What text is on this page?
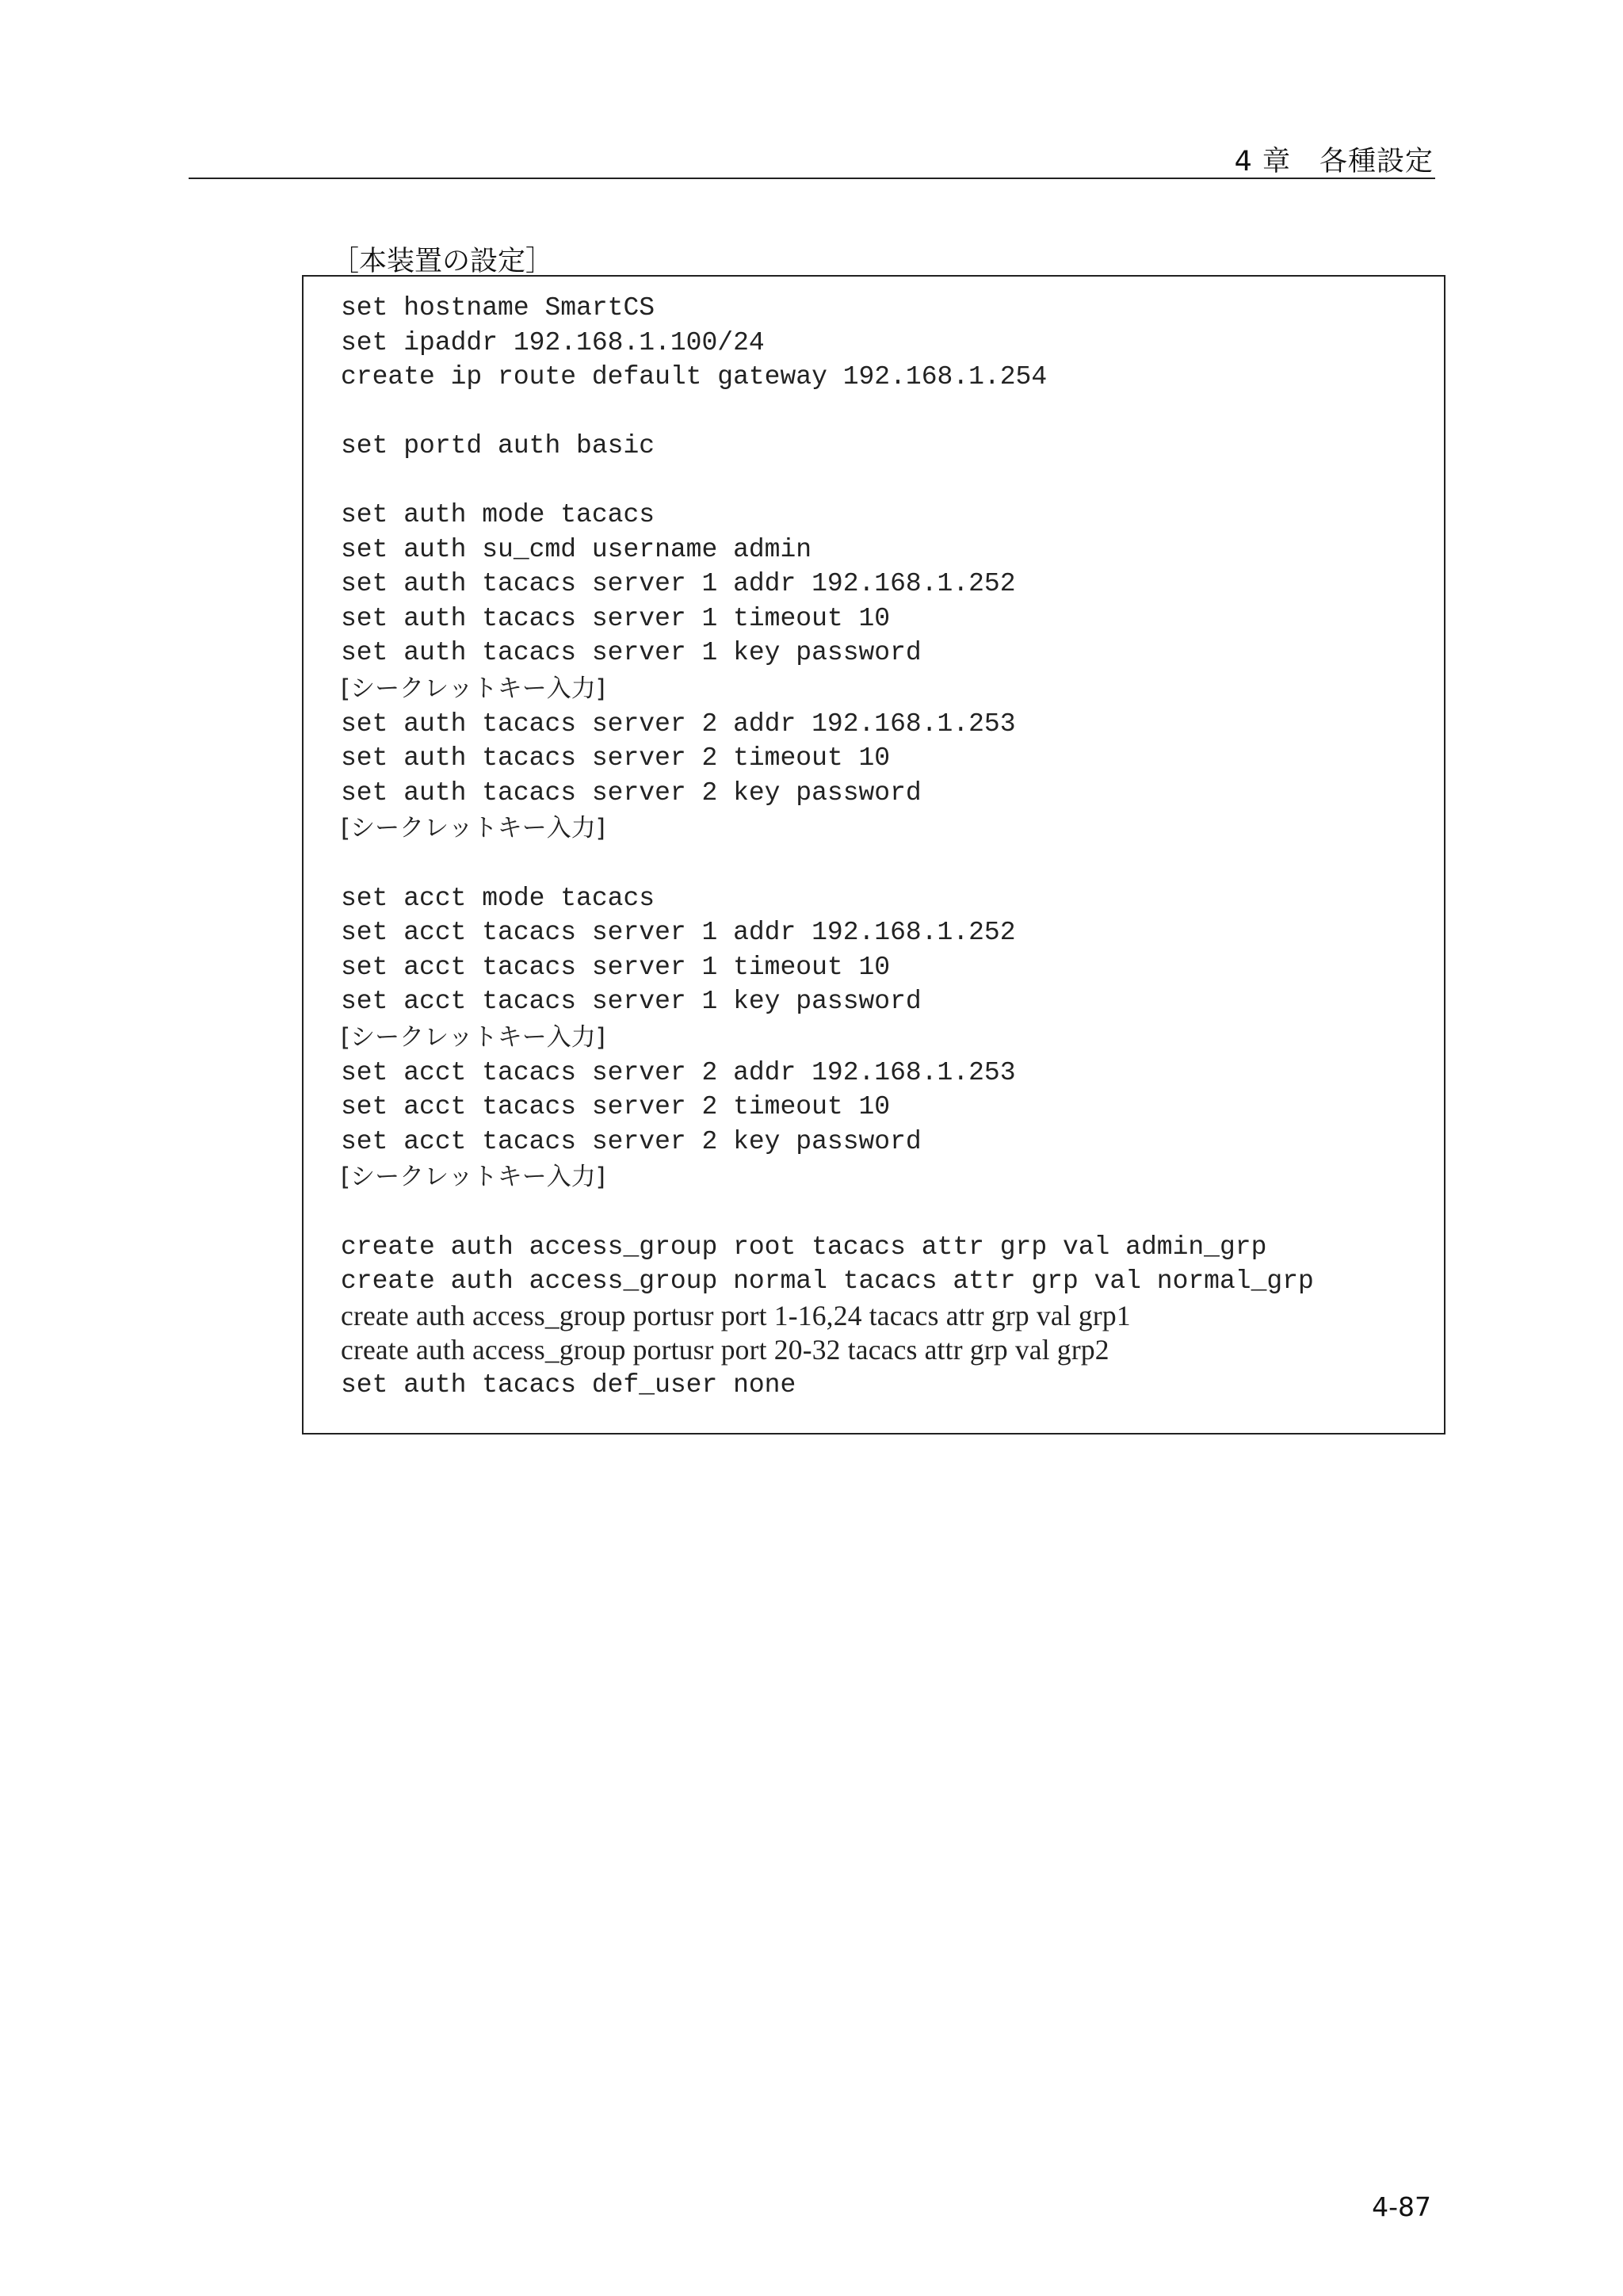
4 章　各種設定
［本装置の設定］
set hostname SmartCS
set ipaddr 192.168.1.100/24
create ip route default gateway 192.168.1.254
set portd auth basic
set auth mode tacacs
set auth su_cmd username admin
set auth tacacs server 1 addr 192.168.1.252
set auth tacacs server 1 timeout 10
set auth tacacs server 1 key password
[シークレットキー入力]
set auth tacacs server 2 addr 192.168.1.253
set auth tacacs server 2 timeout 10
set auth tacacs server 2 key password
[シークレットキー入力]
set acct mode tacacs
set acct tacacs server 1 addr 192.168.1.252
set acct tacacs server 1 timeout 10
set acct tacacs server 1 key password
[シークレットキー入力]
set acct tacacs server 2 addr 192.168.1.253
set acct tacacs server 2 timeout 10
set acct tacacs server 2 key password
[シークレットキー入力]
create auth access_group root tacacs attr grp val admin_grp
create auth access_group normal tacacs attr grp val normal_grp
create auth access_group portusr port 1-16,24 tacacs attr grp val grp1
create auth access_group portusr port 20-32 tacacs attr grp val grp2
set auth tacacs def_user none
4-87
